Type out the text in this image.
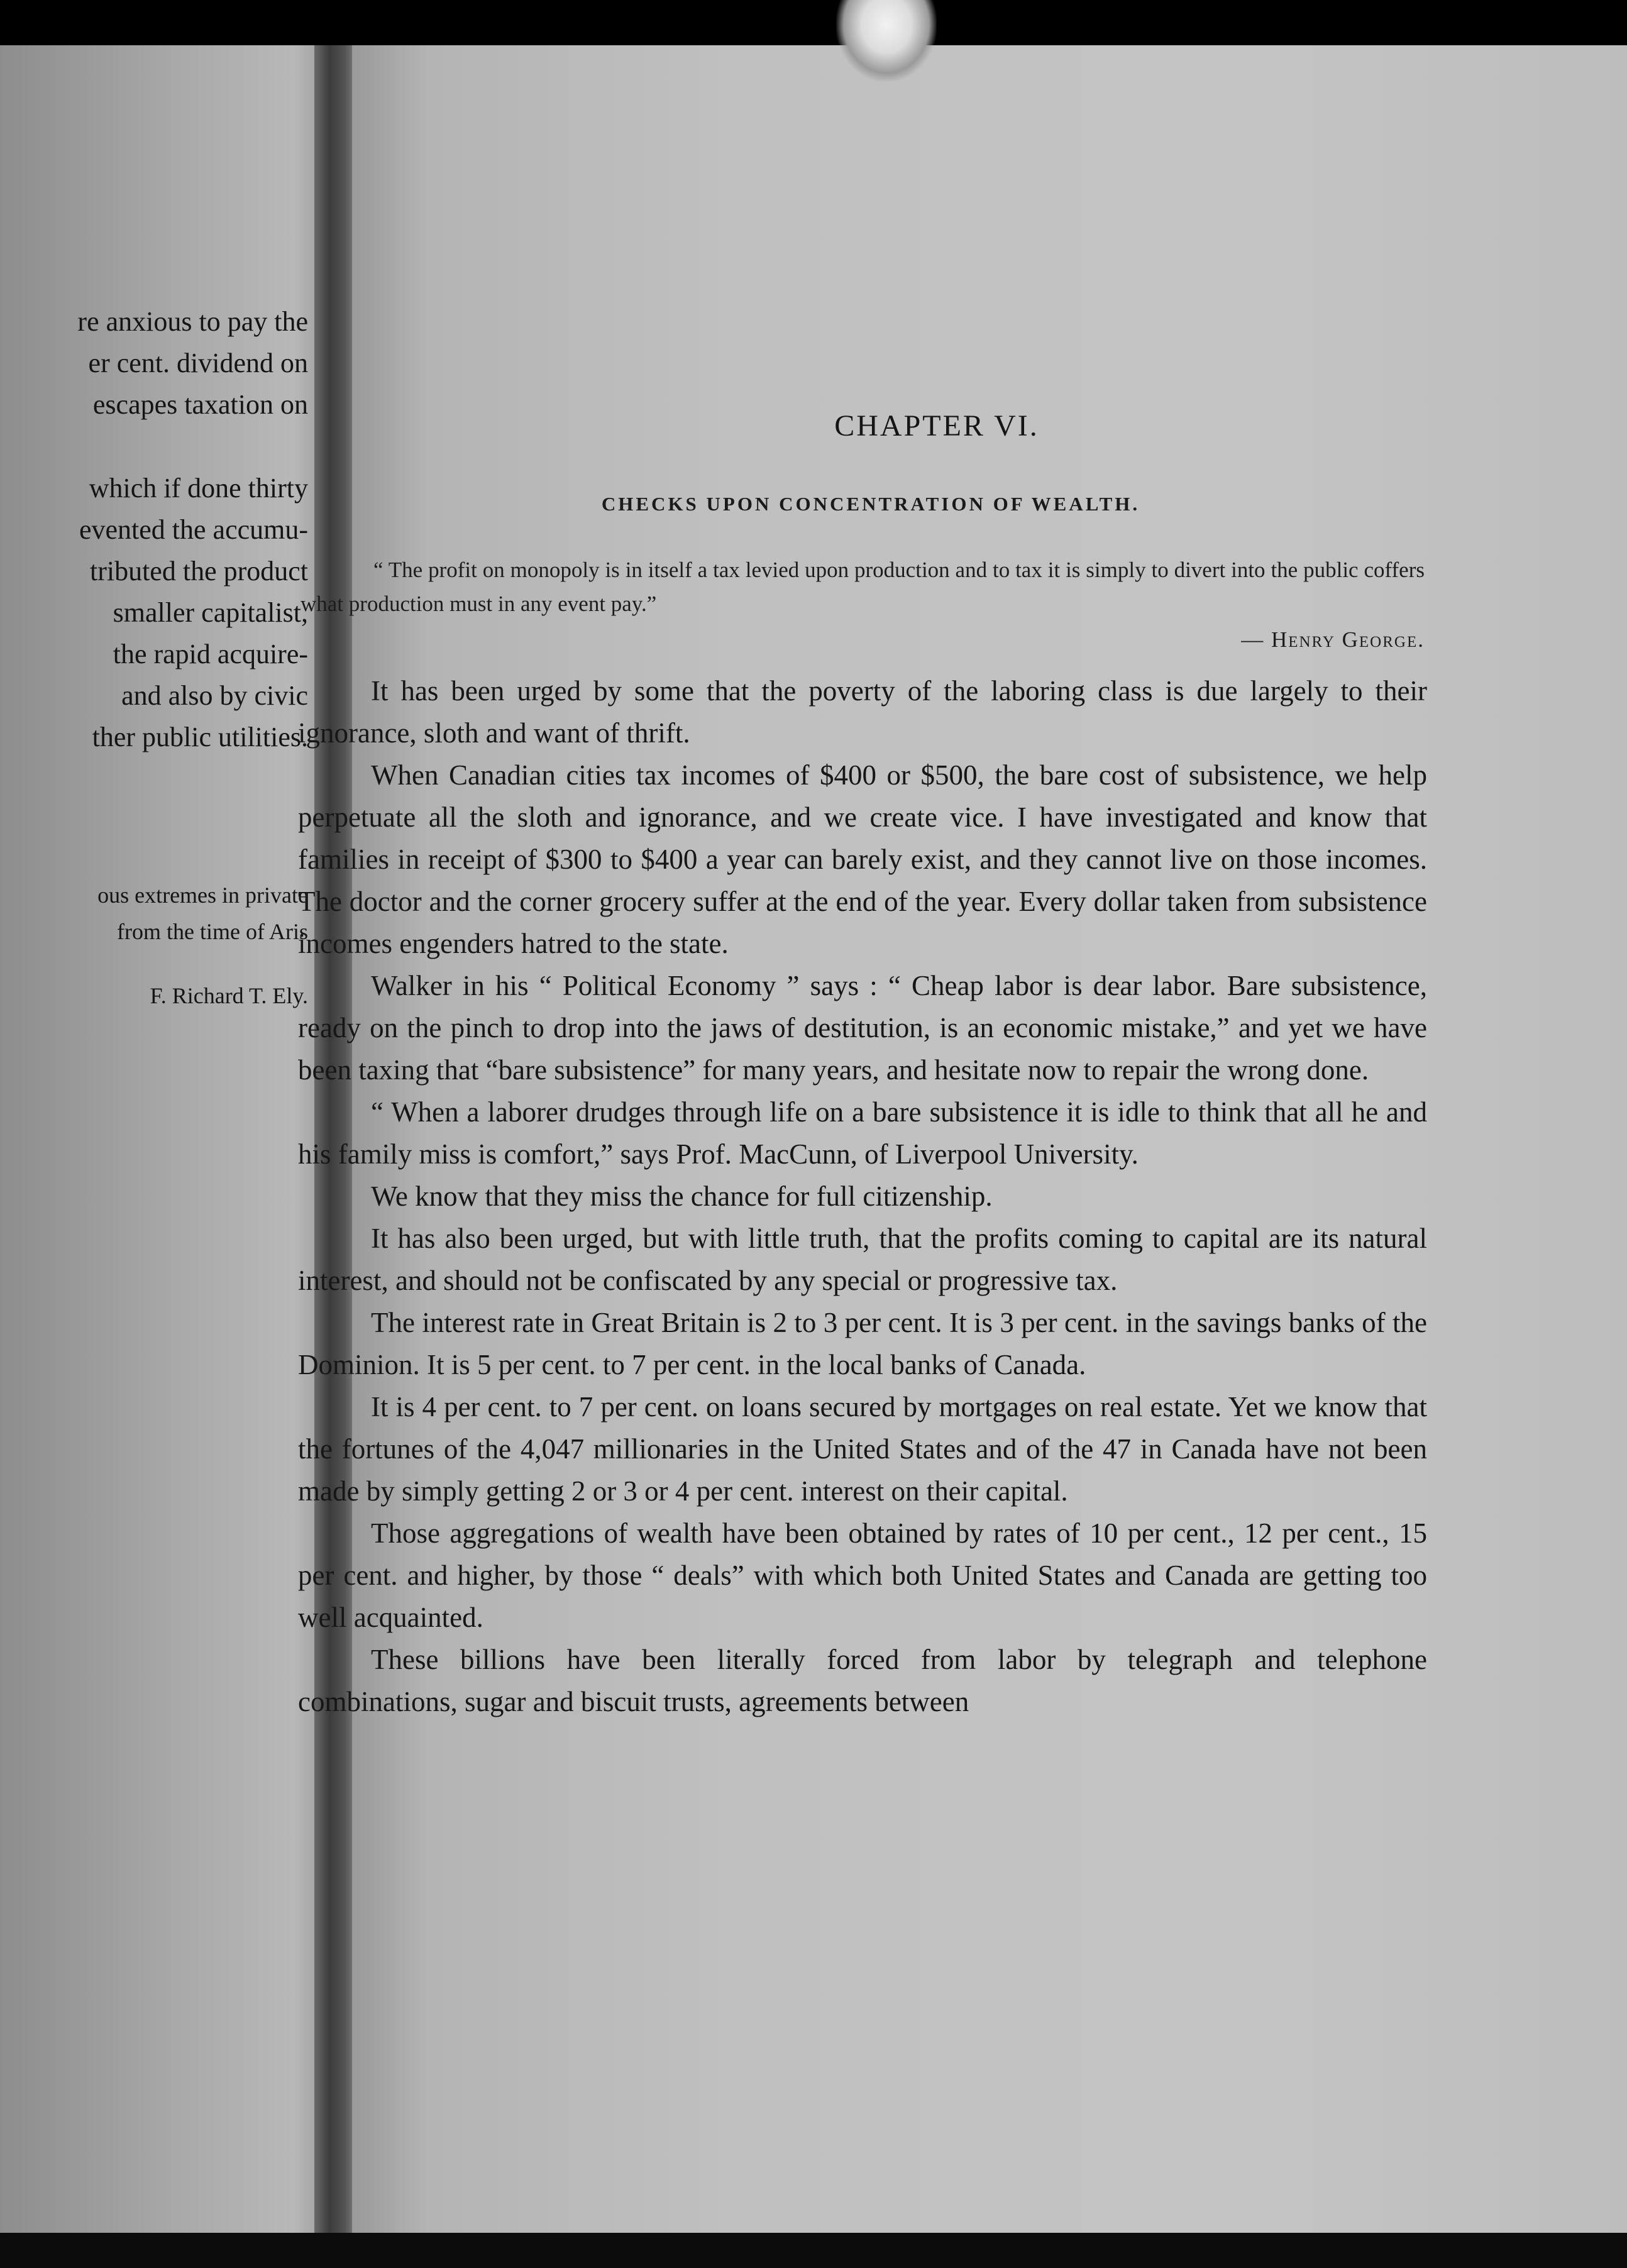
re anxious to pay the
er cent. dividend on
escapes taxation on
which if done thirty
evented the accumu-
tributed the product
smaller capitalist,
the rapid acquire-
and also by civic
ther public utilities.
ous extremes in private
from the time of Aris
F. Richard T. Ely.
CHAPTER VI.
CHECKS UPON CONCENTRATION OF WEALTH.
“ The profit on monopoly is in itself a tax levied upon production and to tax it is simply to divert into the public coffers what production must in any event pay.”
— Henry George.

It has been urged by some that the poverty of the laboring class is due largely to their ignorance, sloth and want of thrift.

When Canadian cities tax incomes of $400 or $500, the bare cost of subsistence, we help perpetuate all the sloth and ignorance, and we create vice. I have investigated and know that families in receipt of $300 to $400 a year can barely exist, and they cannot live on those incomes. The doctor and the corner grocery suffer at the end of the year. Every dollar taken from subsistence incomes engenders hatred to the state.

Walker in his “ Political Economy ” says : “ Cheap labor is dear labor. Bare subsistence, ready on the pinch to drop into the jaws of destitution, is an economic mistake,” and yet we have been taxing that “bare subsistence” for many years, and hesitate now to repair the wrong done.

“ When a laborer drudges through life on a bare subsistence it is idle to think that all he and his family miss is comfort,” says Prof. MacCunn, of Liverpool University.

We know that they miss the chance for full citizenship.

It has also been urged, but with little truth, that the profits coming to capital are its natural interest, and should not be confiscated by any special or progressive tax.

The interest rate in Great Britain is 2 to 3 per cent. It is 3 per cent. in the savings banks of the Dominion. It is 5 per cent. to 7 per cent. in the local banks of Canada.

It is 4 per cent. to 7 per cent. on loans secured by mortgages on real estate. Yet we know that the fortunes of the 4,047 millionaries in the United States and of the 47 in Canada have not been made by simply getting 2 or 3 or 4 per cent. interest on their capital.

Those aggregations of wealth have been obtained by rates of 10 per cent., 12 per cent., 15 per cent. and higher, by those “ deals” with which both United States and Canada are getting too well acquainted.

These billions have been literally forced from labor by telegraph and telephone combinations, sugar and biscuit trusts, agreements between
